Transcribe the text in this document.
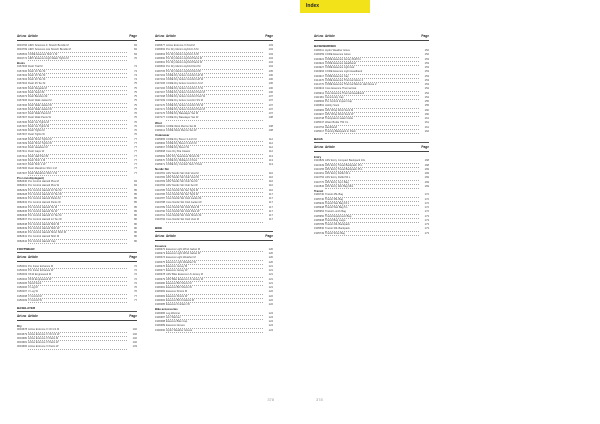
Art.no Article	Page
9004766 AIRV Sciences F. Stretch Bundle M	84
9004769 AIRV Sciences Lite Stretch Bundle M	84
9156503 CORE Essence Shirt 1 M	84
9004774 AIRV Essence High-Waist Tights M	76
Boots
9167306 Rush Trail M	74
9167306 Rush 10 Tex M	74
9167302 Rush 15 Tex M	74
9167303 Rush 20 Tex M	74
9167304 Rush 25 Tex M	75
9167305 Rush Regatta M	75
9167306 Rush Setpit M	75
9152073 Rush Bamboo M	75
9167306 Rush Walk Jacket M	75
9167306 Rush Walk Jacket W	75
9167306 Rush Walk Jacket W	76
9167307 Rush Walk Pants M	76
9167307 Rush Walk Pants W	76
9167306 Rush Go Tights M	76
9167307 Rush Go Tights W	76
9167306 Rush Tights M	76
9167307 Rush Tights W	76
9167308 Rush Short Tights M	77
9167309 Rush Short Tights W	77
9167310 Rush Headear M	77
9167311 Rush Gaps W	77
9167312 Rush Half Pant M	77
9167306 Rush Shirt 1 M	77
9167307 Rush Shirt 1 W	77
9167306 Rush Marathon Shirt 1 M	77
9167307 Rush Marathon Shirt 1 W	77
Pro Lincoln(elegant)
9082630 Pro Control Hazard Plus M	84
9082631 Pro Control Hazard Plus W	84
9082629 Pro Control Hazard 10 Tex M	85
9082628 Pro Control Hazard 10 Tex W	85
9082633 Pro Control Hazard Pants M	85
9082632 Pro Control Hazard Pants W	85
9082634 Pro Control Hazard NL M	85
9082635 Pro Control Hazard NL W	85
9082636 Pro Control Hazard 12 Tex M	86
9082637 Pro Control Hazard 12 Tex W	86
9082638 Pro Control Hazard Shirt M	86
9082639 Pro Control Hazard Shirt W	86
9082640 Pro Control Hazard Short Shirt M	86
9082641 Pro Control Hazard Shirt M	86
9082642 Pro Control Hazard Cap	86
FOOTWEAR
Art.no Article	Page
9150001 Pro Inster Enhance M	72
9150002 Pro Inster Enhance W	72
9150003 XF10 Engineered M	72
9150004 XF10 Engineered W	72
9150005 Xtend Sock	72
9150006 V Lug M	76
9150007 V Lug W	76
9150008 V Control M	77
9150009 V Control W	77
BASELAYER
Art.no Article	Page
Dry
9004678 Active Extreme X CN LS M	102
9004679 Active Extreme X CN LS W	102
9004680 Active Extreme X Pants M	102
9004681 Active Extreme X Pants W	102
9004682 Active Extreme X Pants W	103
Art.no Article	Page
1906677 Active Extreme X Kind M	103
1906692 Pro Dry Merino Hybrid LS M	104
1906693 Pro Dry Merino Hybrid LS W	104
1906690 Pro Dry Merino Hybrid Pants M	104
1906691 Pro Dry Merino Hybrid Pants W	104
1906694 Pro Dry Merino Hybrid Kind M	104
1906705 Pro Dry Merino Hybrid Kind W	105
1907163 CORE Dry Active Comfort HZ M	106
1907164 CORE Dry Active Comfort HZ W	106
1907165 CORE Dry Active Comfort LS M	106
1907166 CORE Dry Active Comfort LS W	106
1907167 CORE Dry Active Comfort Pant M	106
1907168 CORE Dry Active Comfort Pant W	107
1907169 CORE Dry Active Comfort SS M	107
1907170 CORE Dry Active Comfort SS W	107
1907171 CORE Dry Active Comfort Pant M	107
1907176 CORE Dry Baselayer Set M	107
1907177 CORE Dry Baselayer Set W	108
Wool
1909011 CORE Wool Merino Set M	108
1909012 CORE Wool Merino Set W	108
Underwear
1905665 CORE Dry Boxer 3-Inch M	112
1905666 CORE Dry Boxer 6-Inch M	112
1905667 CORE Dry Boxer W	112
1905668 Core Dry Bra Classic	112
1905669 ADV Dry Seamless Shorts M	113
1905670 CORE Dry Midlayer 2 Pant	113
1905671 CORE Dry Comfort Sub-T Pant	113
Nordic Ski
1904781 ADV Nordic Ski Club Vest M	116
1904782 ADV Nordic Ski Club Vest W	116
1904783 ADV Nordic Ski Club Set M	116
1904784 ADV Nordic Ski Club Set W	116
1904785 Core Nordic Ski Set Tight M	116
1904786 Core Nordic Ski Set Tight W	117
1904787 Core Nordic Ski Club Jacket M	117
1904788 Core Nordic Ski Club Jacket W	117
1904789 Core Nordic Ski Club Pant M	117
1904790 Core Nordic Ski Club Pant W	117
1904791 Core Nordic Ski Club Shorts M	117
1904792 Core Nordic Ski Club Vest M	117
BIKE
Art.no Article	Page
Essence
1906372 Essence Light Wind Jacket M	120
1906373 Essence Light Wind Jacket W	120
1906374 Essence Light Weather M	120
1906375 Essence Light Weather W	120
1906376 Essence Jersey M	121
1906377 Essence Jersey W	121
1906378 ADV Bike Essence LS Jersey M	121
1906379 ADV Bike Essence LS Jersey W	121
1906380 Essence Bib Shorts M	121
1906381 Essence Bib Shorts W	121
1906382 Essence Shorts M	122
1906383 Essence Shorts W	122
1906384 Essence Bib Knickers M	122
1906385 Essence Knickers W	122
Bike accessories
1906386 Leg Warmer	124
1906387 Arm Warmer	124
1906388 Essence Bike Cap	124
1906389 Essence Gloves	124
1906390 Hydro Weather Gloves	124
378
Art.no Article	Page
BASEWARDEN
1906011 Hydro Weather Glove	152
1906459 CORE Essence Glove	152
1904921 CORE Essence Jersey Buff Kit	153
1904924 CORE Essence Headband	153
1904927 CORE Essence Light Hat	153
1904994 CORE Essence Light Headband	153
1904917 CORE Essence Cap	153
1914470 CORE Essence Thermal Glove 2	153
1914770 CORE Essence Thermal Merino Hat Glove 2	153
1904913 Core Essence Thermal Hat	154
1909912 Core Essence Thermal Headband	154
1911981 Community Cap	154
1908394 Pro Control Impact Cap	155
1906891 Hobby Sock	155
1906984 ADV Wrap Wool Sock M	160
1904907 ADV Wrap Wool Sock W	160
1904748 Transparent water bottle	161
1905047 Water Bottle 750 CL	161
1904754 Handband	161
1905017 Training Backpack In Pack	162
BAGS
Art.no Article	Page
Entry
1910829 ADV Entry Compact Backpack 10L	168
1910349 ADV Entry Travel Backpack 15 L	168
1910155 ADV Entry Travel Backpack 25 L	169
1910261 ADV Entry Duffel 30 L	169
1910752 ADV Entry Duffel 50 L	169
1910770 ADV Entry Gym Bag	169
1910846 ADV Entry Wet Bag Mini	169
Transit
1906740 Transit 45L Bag	172
1905740 Transit 35L Bag	172
1905949 Transit Wet Bag 15 L	172
1905948 Transit Wet Bag 5 L	172
1905952 Transit Lunch Bag	172
1905950 Transit Equipment Bag	173
1905938 Transit Bag Large	173
1905789 Transit 20L Backpack	173
1905530 Transit 30L Backpack	173
1905749 Transit Shoe Bag	173
378
Index
